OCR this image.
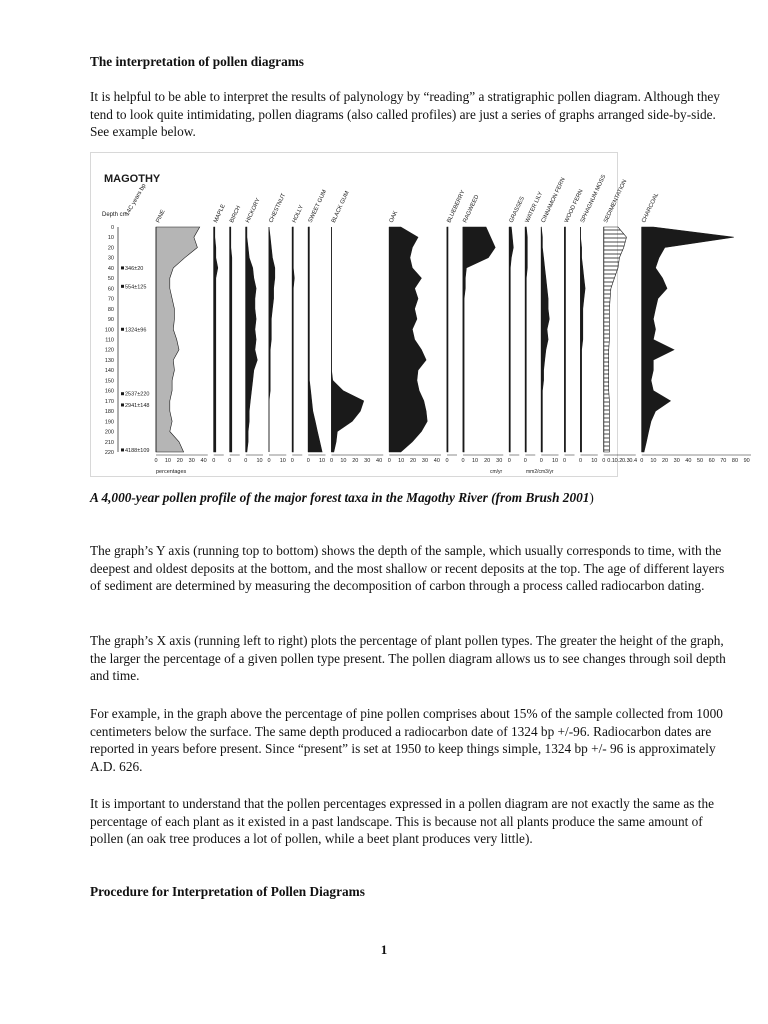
The interpretation of pollen diagrams

It is helpful to be able to interpret the results of palynology by “reading” a stratigraphic pollen diagram. Although they tend to look quite intimidating, pollen diagrams (also called profiles) are just a series of graphs arranged side-by-side. See example below.

MAGOTHY
Depth cm
14C years bp
0
10
20
30
40
50
60
70
80
90
100
110
120
130
140
150
160
170
180
190
200
210
220
346±20
554±125
1324±96
2537±220
2941±148
4188±109
PINE
0 10 20 30 40
MAPLE
0
BIRCH
0
HICKORY
0 10
CHESTNUT
0 10
HOLLY
0
SWEET GUM
0 10
BLACK GUM
0 10 20 30 40
OAK
0 10 20 30 40
BLUEBERRY
0
RAGWEED
0 10 20 30
GRASSES
0
WATER LILY
0
CINNAMON FERN
0 10
WOOD FERN
0
SPHAGNUM MOSS
0 10
SEDIMENTATION
0 0.1 0.2 0.3 0.4
CHARCOAL
0 10 20 30 40 50 60 70 80 90
percentages	cm/yr	mm2/cm3/yr
A 4,000-year pollen profile of the major forest taxa in the Magothy River (from Brush 2001)

The graph’s Y axis (running top to bottom) shows the depth of the sample, which usually corresponds to time, with the deepest and oldest deposits at the bottom, and the most shallow or recent deposits at the top. The age of different layers of sediment are determined by measuring the decomposition of carbon through a process called radiocarbon dating.

The graph’s X axis (running left to right) plots the percentage of plant pollen types. The greater the height of the graph, the larger the percentage of a given pollen type present. The pollen diagram allows us to see changes through soil depth and time.

For example, in the graph above the percentage of pine pollen comprises about 15% of the sample collected from 1000 centimeters below the surface. The same depth produced a radiocarbon date of 1324 bp +/-96. Radiocarbon dates are reported in years before present. Since “present” is set at 1950 to keep things simple, 1324 bp +/- 96 is approximately A.D. 626.

It is important to understand that the pollen percentages expressed in a pollen diagram are not exactly the same as the percentage of each plant as it existed in a past landscape. This is because not all plants produce the same amount of pollen (an oak tree produces a lot of pollen, while a beet plant produces very little).

Procedure for Interpretation of Pollen Diagrams
1
